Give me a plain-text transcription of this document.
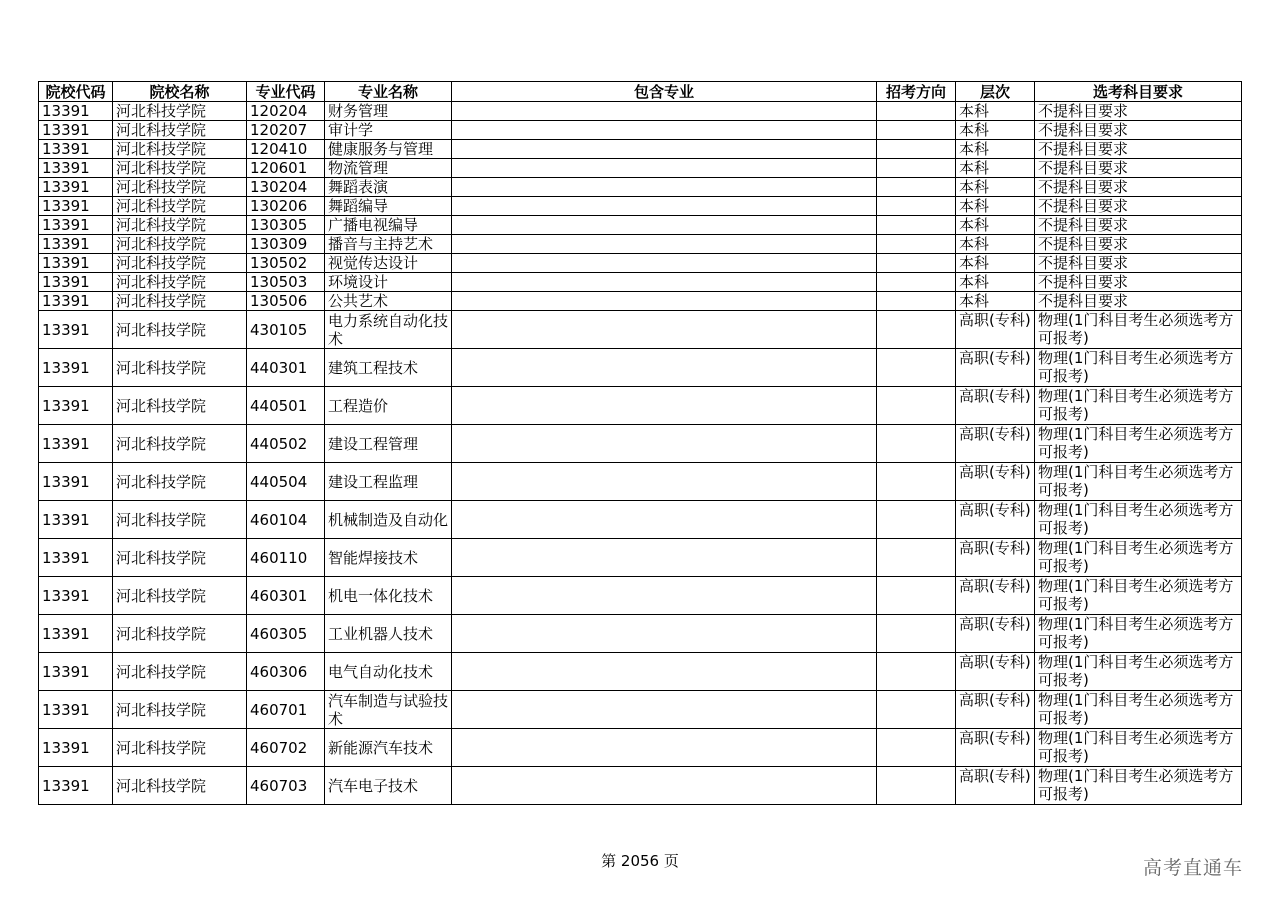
院校代码	院校名称	专业代码	专业名称	包含专业	招考方向	层次	选考科目要求
13391	河北科技学院	120204	财务管理			本科	不提科目要求
13391	河北科技学院	120207	审计学			本科	不提科目要求
13391	河北科技学院	120410	健康服务与管理			本科	不提科目要求
13391	河北科技学院	120601	物流管理			本科	不提科目要求
13391	河北科技学院	130204	舞蹈表演			本科	不提科目要求
13391	河北科技学院	130206	舞蹈编导			本科	不提科目要求
13391	河北科技学院	130305	广播电视编导			本科	不提科目要求
13391	河北科技学院	130309	播音与主持艺术			本科	不提科目要求
13391	河北科技学院	130502	视觉传达设计			本科	不提科目要求
13391	河北科技学院	130503	环境设计			本科	不提科目要求
13391	河北科技学院	130506	公共艺术			本科	不提科目要求
13391	河北科技学院	430105	电力系统自动化技术			高职(专科)	物理(1门科目考生必须选考方可报考)
13391	河北科技学院	440301	建筑工程技术			高职(专科)	物理(1门科目考生必须选考方可报考)
13391	河北科技学院	440501	工程造价			高职(专科)	物理(1门科目考生必须选考方可报考)
13391	河北科技学院	440502	建设工程管理			高职(专科)	物理(1门科目考生必须选考方可报考)
13391	河北科技学院	440504	建设工程监理			高职(专科)	物理(1门科目考生必须选考方可报考)
13391	河北科技学院	460104	机械制造及自动化			高职(专科)	物理(1门科目考生必须选考方可报考)
13391	河北科技学院	460110	智能焊接技术			高职(专科)	物理(1门科目考生必须选考方可报考)
13391	河北科技学院	460301	机电一体化技术			高职(专科)	物理(1门科目考生必须选考方可报考)
13391	河北科技学院	460305	工业机器人技术			高职(专科)	物理(1门科目考生必须选考方可报考)
13391	河北科技学院	460306	电气自动化技术			高职(专科)	物理(1门科目考生必须选考方可报考)
13391	河北科技学院	460701	汽车制造与试验技术			高职(专科)	物理(1门科目考生必须选考方可报考)
13391	河北科技学院	460702	新能源汽车技术			高职(专科)	物理(1门科目考生必须选考方可报考)
13391	河北科技学院	460703	汽车电子技术			高职(专科)	物理(1门科目考生必须选考方可报考)
第 2056 页	高考直通车
